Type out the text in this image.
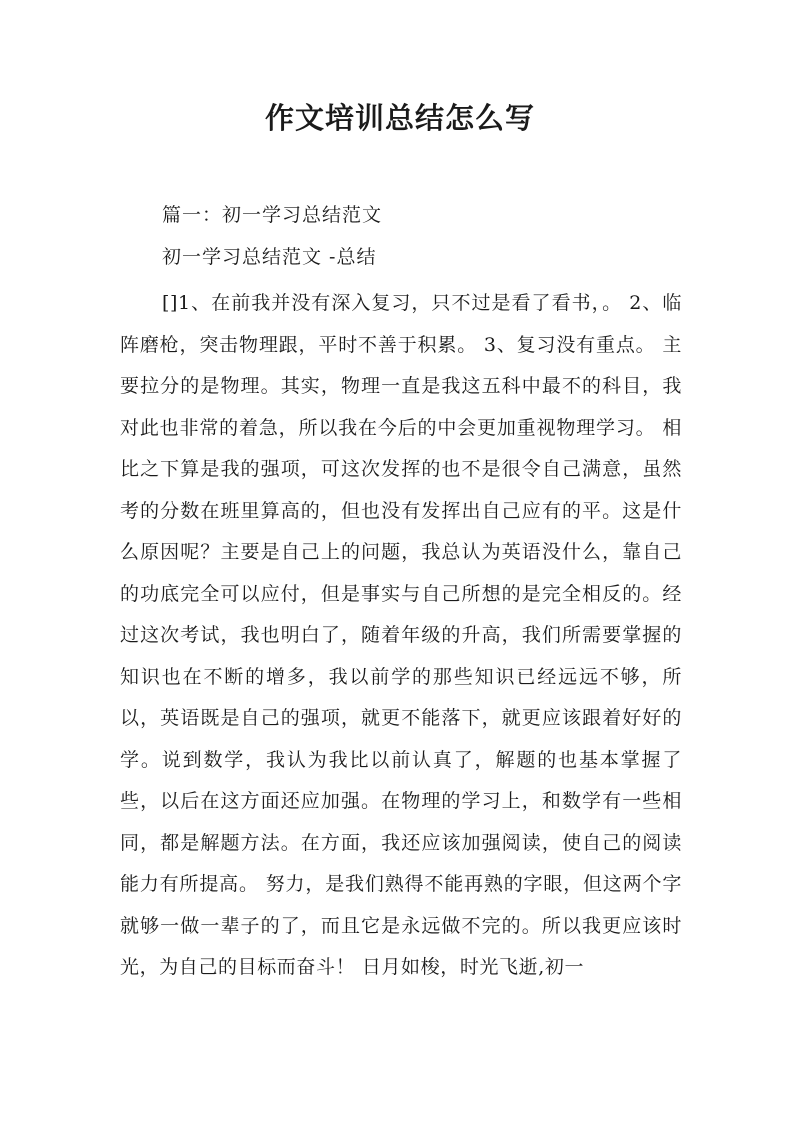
作文培训总结怎么写
篇一：初一学习总结范文
初一学习总结范文 -总结

[]1、在前我并没有深入复习，只不过是看了看书，。 2、临阵磨枪，突击物理跟，平时不善于积累。 3、复习没有重点。 主要拉分的是物理。其实，物理一直是我这五科中最不的科目，我对此也非常的着急，所以我在今后的中会更加重视物理学习。 相比之下算是我的强项，可这次发挥的也不是很令自己满意，虽然考的分数在班里算高的，但也没有发挥出自己应有的平。这是什么原因呢？主要是自己上的问题，我总认为英语没什么，靠自己的功底完全可以应付，但是事实与自己所想的是完全相反的。经过这次考试，我也明白了，随着年级的升高，我们所需要掌握的知识也在不断的增多，我以前学的那些知识已经远远不够，所以，英语既是自己的强项，就更不能落下，就更应该跟着好好的学。说到数学，我认为我比以前认真了，解题的也基本掌握了些，以后在这方面还应加强。在物理的学习上，和数学有一些相同，都是解题方法。在方面，我还应该加强阅读，使自己的阅读能力有所提高。 努力，是我们熟得不能再熟的字眼，但这两个字就够一做一辈子的了，而且它是永远做不完的。所以我更应该时光，为自己的目标而奋斗！ 日月如梭，时光飞逝,初一
